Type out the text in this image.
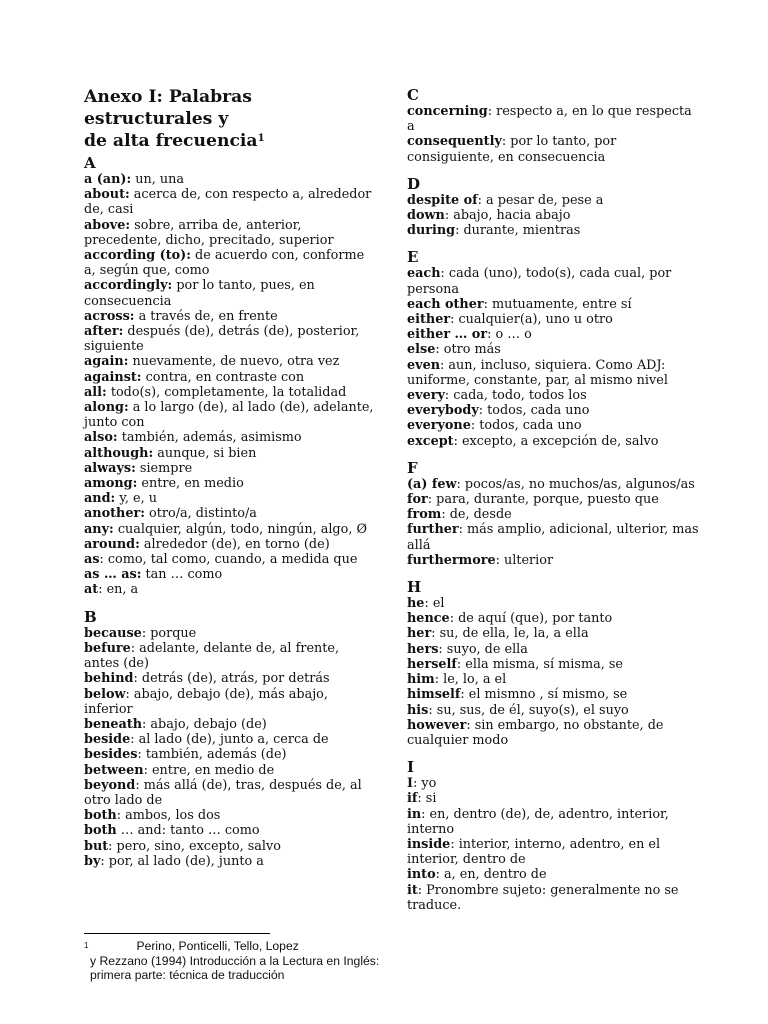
Anexo I: Palabras estructurales y
de alta frecuencia$^1$
A
a (an): un, una
about: acerca de, con respecto a, alrededor de, casi
above: sobre, arriba de, anterior, precedente, dicho, precitado, superior
according (to): de acuerdo con, conforme a, según que, como
accordingly: por lo tanto, pues, en consecuencia
across: a través de, en frente
after: después (de), detrás (de), posterior, siguiente
again: nuevamente, de nuevo, otra vez
against: contra, en contraste con
all: todo(s), completamente, la totalidad
along: a lo largo (de), al lado (de), adelante, junto con
also: también, además, asimismo
although: aunque, si bien
always: siempre
among: entre, en medio
and: y, e, u
another: otro/a, distinto/a
any: cualquier, algún, todo, ningún, algo, Ø
around: alrededor (de), en torno (de)
as: como, tal como, cuando, a medida que
as … as: tan … como
at: en, a
B
because: porque
befure: adelante, delante de, al frente, antes (de)
behind: detrás (de), atrás, por detrás
below: abajo, debajo (de), más abajo, inferior
beneath: abajo, debajo (de)
beside: al lado (de), junto a, cerca de
besides: también, además (de)
between: entre, en medio de
beyond: más allá (de), tras, después de, al otro lado de
both: ambos, los dos
both … and: tanto … como
but: pero, sino, excepto, salvo
by: por, al lado (de), junto a
C
concerning: respecto a, en lo que respecta a
consequently: por lo tanto, por consiguiente, en consecuencia
D
despite of: a pesar de, pese a
down: abajo, hacia abajo
during: durante, mientras
E
each: cada (uno), todo(s), cada cual, por persona
each other: mutuamente, entre sí
either: cualquier(a), uno u otro
either … or: o … o
else: otro más
even: aun, incluso, siquiera. Como ADJ: uniforme, constante, par, al mismo nivel
every: cada, todo, todos los
everybody: todos, cada uno
everyone: todos, cada uno
except: excepto, a excepción de, salvo
F
(a) few: pocos/as, no muchos/as, algunos/as
for: para, durante, porque, puesto que
from: de, desde
further: más amplio, adicional, ulterior, mas allá
furthermore: ulterior
H
he: el
hence: de aquí (que), por tanto
her: su, de ella, le, la, a ella
hers: suyo, de ella
herself: ella misma, sí misma, se
him: le, lo, a el
himself: el mismno , sí mismo, se
his: su, sus, de él, suyo(s), el suyo
however: sin embargo, no obstante, de cualquier modo
I
I: yo
if: si
in: en, dentro (de), de, adentro, interior, interno
inside: interior, interno, adentro, en el interior, dentro de
into: a, en, dentro de
it: Pronombre sujeto: generalmente no se traduce.
$^1$	Perino, Ponticelli, Tello, Lopez
y Rezzano (1994) Introducción a la Lectura en Inglés:
primera parte: técnica de traducción
